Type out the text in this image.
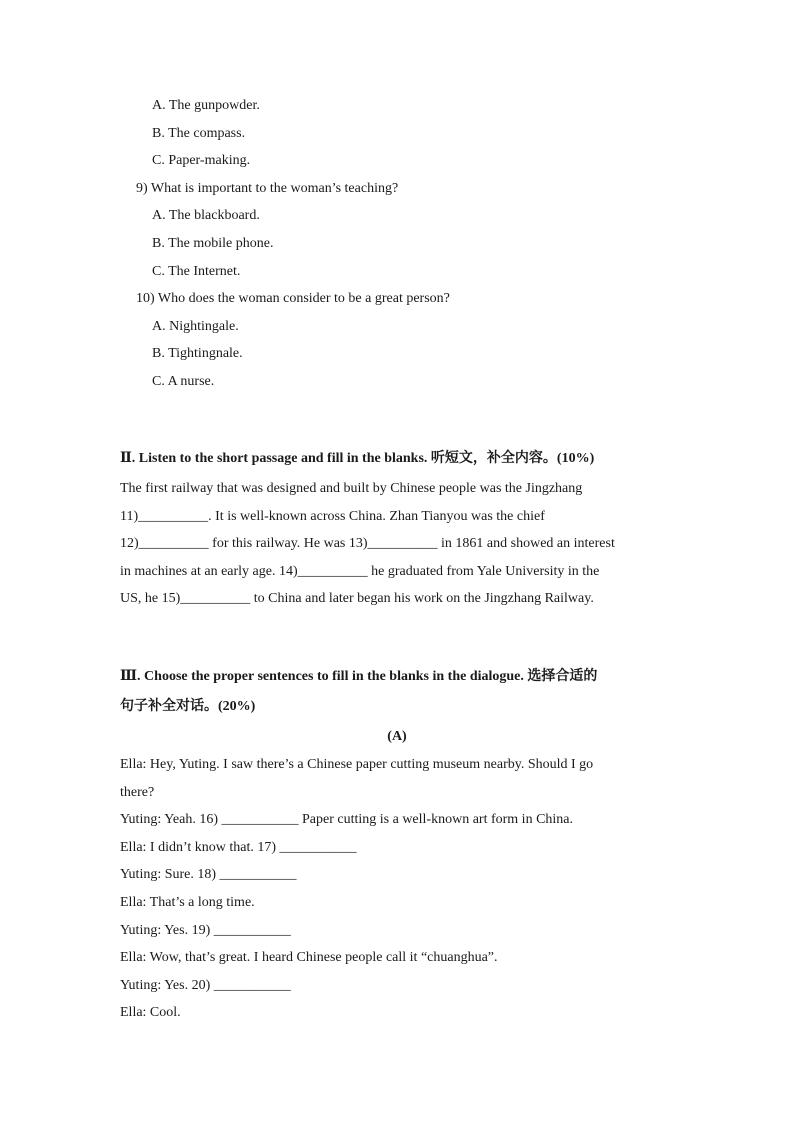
A. The gunpowder.
B. The compass.
C. Paper-making.
9) What is important to the woman’s teaching?
A. The blackboard.
B. The mobile phone.
C. The Internet.
10) Who does the woman consider to be a great person?
A. Nightingale.
B. Tightingnale.
C. A nurse.
Ⅱ. Listen to the short passage and fill in the blanks. 听短文，补全内容。(10%)
The first railway that was designed and built by Chinese people was the Jingzhang
11)__________. It is well-known across China. Zhan Tianyou was the chief
12)__________ for this railway. He was 13)__________ in 1861 and showed an interest
in machines at an early age. 14)__________ he graduated from Yale University in the
US, he 15)__________ to China and later began his work on the Jingzhang Railway.
Ⅲ. Choose the proper sentences to fill in the blanks in the dialogue. 选择合适的
句子补全对话。(20%)
(A)
Ella: Hey, Yuting. I saw there’s a Chinese paper cutting museum nearby. Should I go
there?
Yuting: Yeah. 16) ___________ Paper cutting is a well-known art form in China.
Ella: I didn’t know that. 17) ___________
Yuting: Sure. 18) ___________
Ella: That’s a long time.
Yuting: Yes. 19) ___________
Ella: Wow, that’s great. I heard Chinese people call it “chuanghua”.
Yuting: Yes. 20) ___________
Ella: Cool.
